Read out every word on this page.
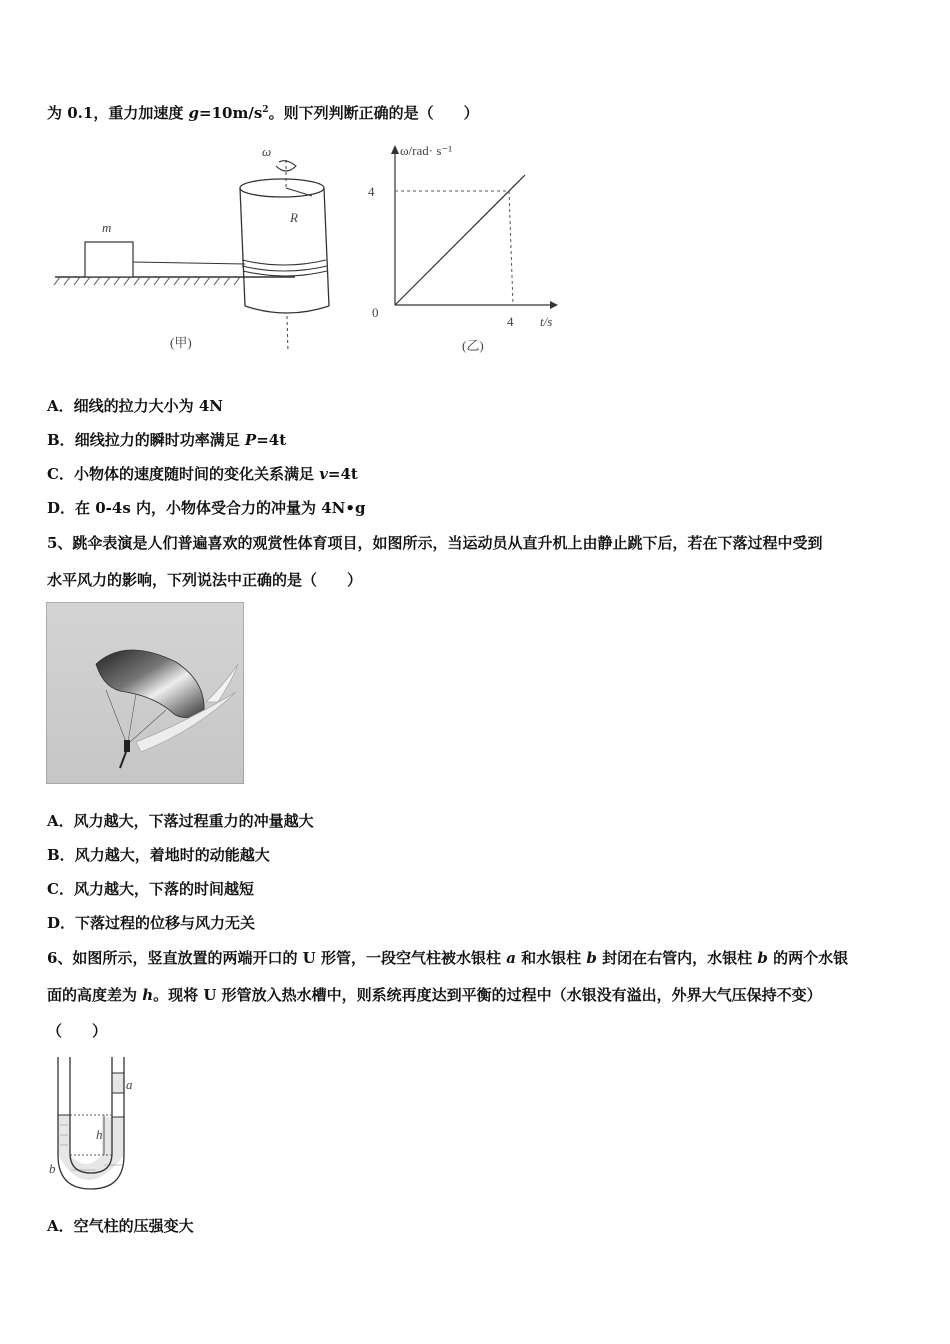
为 0.1，重力加速度 $g=10m/s^2$。则下列判断正确的是（　　）
m
R
ω
(甲)
ω/rad· s⁻¹
4
0
4 t/s
(乙)
A．细线的拉力大小为 4N
B．细线拉力的瞬时功率满足 P=4t
C．小物体的速度随时间的变化关系满足 v=4t
D．在 0-4s 内，小物体受合力的冲量为 4N•g
5、跳伞表演是人们普遍喜欢的观赏性体育项目，如图所示，当运动员从直升机上由静止跳下后，若在下落过程中受到
水平风力的影响，下列说法中正确的是（　　）
A．风力越大，下落过程重力的冲量越大
B．风力越大，着地时的动能越大
C．风力越大，下落的时间越短
D．下落过程的位移与风力无关
6、如图所示，竖直放置的两端开口的 U 形管，一段空气柱被水银柱 a 和水银柱 b 封闭在右管内，水银柱 b 的两个水银
面的高度差为 h。现将 U 形管放入热水槽中，则系统再度达到平衡的过程中（水银没有溢出，外界大气压保持不变）
（　　）
h
a
b
A．空气柱的压强变大
